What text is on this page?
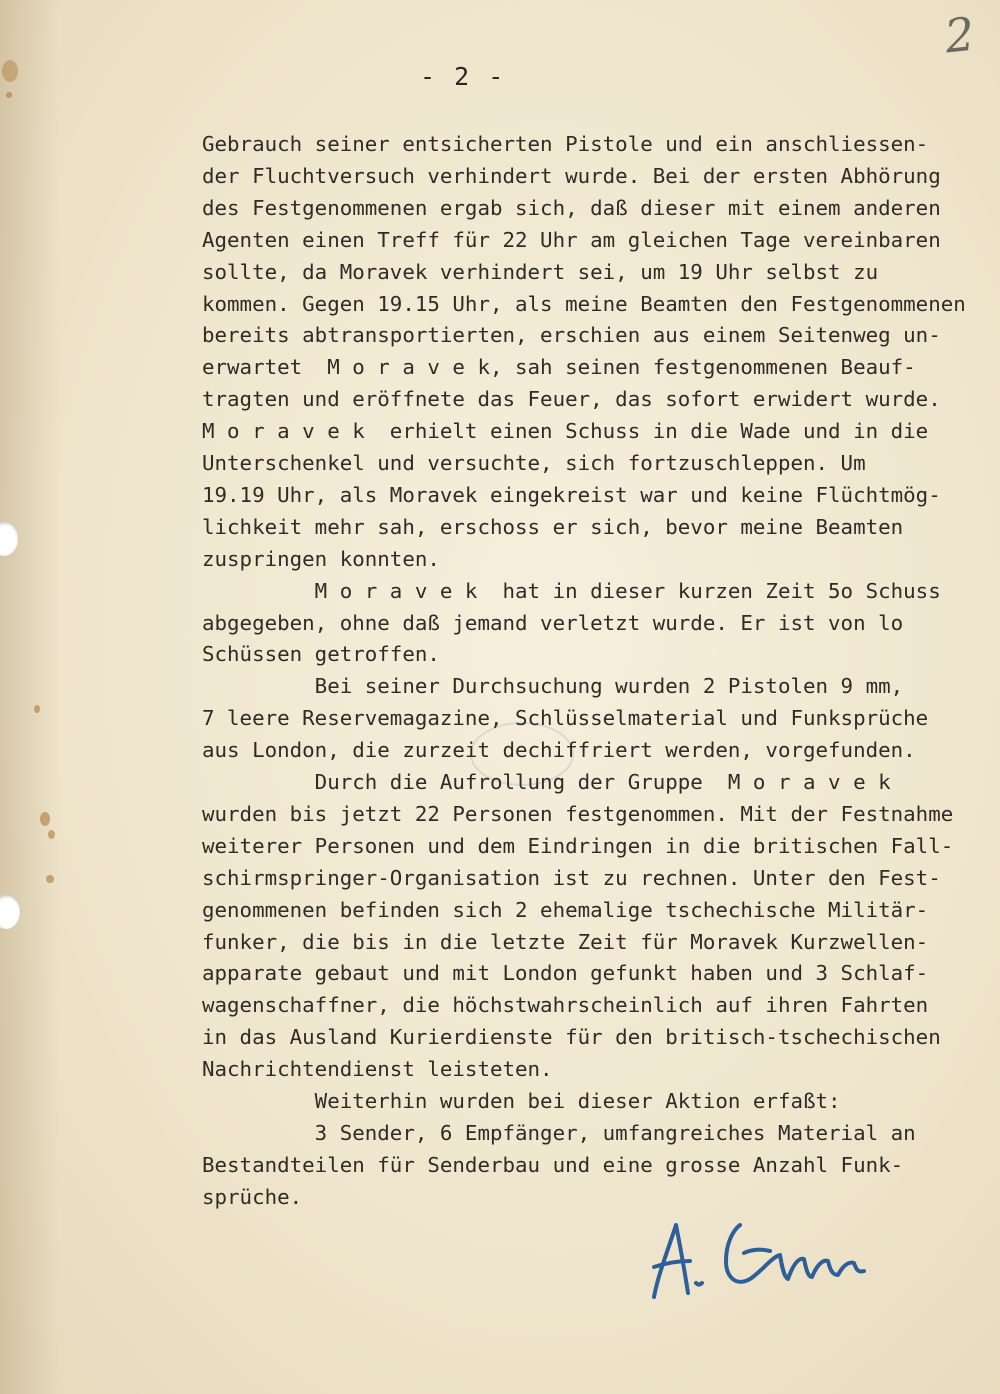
2
- 2 -
Gebrauch seiner entsicherten Pistole und ein anschliessen-
der Fluchtversuch verhindert wurde. Bei der ersten Abhörung
des Festgenommenen ergab sich, daß dieser mit einem anderen
Agenten einen Treff für 22 Uhr am gleichen Tage vereinbaren
sollte, da Moravek verhindert sei, um 19 Uhr selbst zu
kommen. Gegen 19.15 Uhr, als meine Beamten den Festgenommenen
bereits abtransportierten, erschien aus einem Seitenweg un-
erwartet  M o r a v e k, sah seinen festgenommenen Beauf-
tragten und eröffnete das Feuer, das sofort erwidert wurde.
M o r a v e k  erhielt einen Schuss in die Wade und in die
Unterschenkel und versuchte, sich fortzuschleppen. Um
19.19 Uhr, als Moravek eingekreist war und keine Flüchtmög-
lichkeit mehr sah, erschoss er sich, bevor meine Beamten
zuspringen konnten.
M o r a v e k  hat in dieser kurzen Zeit 5o Schuss
abgegeben, ohne daß jemand verletzt wurde. Er ist von lo
Schüssen getroffen.
Bei seiner Durchsuchung wurden 2 Pistolen 9 mm,
7 leere Reservemagazine, Schlüsselmaterial und Funksprüche
aus London, die zurzeit dechiffriert werden, vorgefunden.
Durch die Aufrollung der Gruppe  M o r a v e k
wurden bis jetzt 22 Personen festgenommen. Mit der Festnahme
weiterer Personen und dem Eindringen in die britischen Fall-
schirmspringer-Organisation ist zu rechnen. Unter den Fest-
genommenen befinden sich 2 ehemalige tschechische Militär-
funker, die bis in die letzte Zeit für Moravek Kurzwellen-
apparate gebaut und mit London gefunkt haben und 3 Schlaf-
wagenschaffner, die höchstwahrscheinlich auf ihren Fahrten
in das Ausland Kurierdienste für den britisch-tschechischen
Nachrichtendienst leisteten.
Weiterhin wurden bei dieser Aktion erfaßt:
3 Sender, 6 Empfänger, umfangreiches Material an
Bestandteilen für Senderbau und eine grosse Anzahl Funk-
sprüche.
